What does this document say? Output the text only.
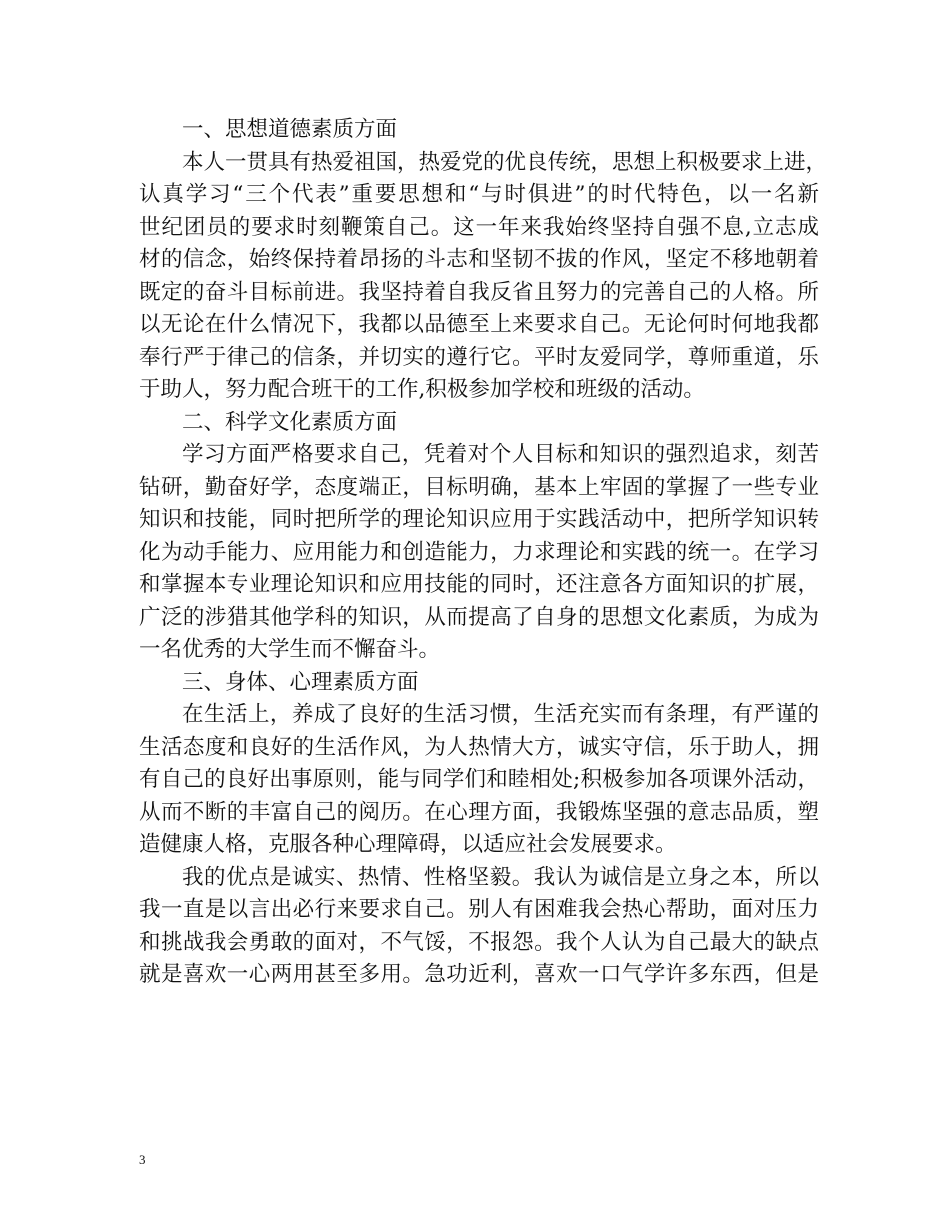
一、思想道德素质方面
本人一贯具有热爱祖国，热爱党的优良传统，思想上积极要求上进，
认真学习“三个代表”重要思想和“与时俱进”的时代特色，以一名新
世纪团员的要求时刻鞭策自己。这一年来我始终坚持自强不息,立志成
材的信念，始终保持着昂扬的斗志和坚韧不拔的作风，坚定不移地朝着
既定的奋斗目标前进。我坚持着自我反省且努力的完善自己的人格。所
以无论在什么情况下，我都以品德至上来要求自己。无论何时何地我都
奉行严于律己的信条，并切实的遵行它。平时友爱同学，尊师重道，乐
于助人，努力配合班干的工作,积极参加学校和班级的活动。
二、科学文化素质方面
学习方面严格要求自己，凭着对个人目标和知识的强烈追求，刻苦
钻研，勤奋好学，态度端正，目标明确，基本上牢固的掌握了一些专业
知识和技能，同时把所学的理论知识应用于实践活动中，把所学知识转
化为动手能力、应用能力和创造能力，力求理论和实践的统一。在学习
和掌握本专业理论知识和应用技能的同时，还注意各方面知识的扩展，
广泛的涉猎其他学科的知识，从而提高了自身的思想文化素质，为成为
一名优秀的大学生而不懈奋斗。
三、身体、心理素质方面
在生活上，养成了良好的生活习惯，生活充实而有条理，有严谨的
生活态度和良好的生活作风，为人热情大方，诚实守信，乐于助人，拥
有自己的良好出事原则，能与同学们和睦相处;积极参加各项课外活动，
从而不断的丰富自己的阅历。在心理方面，我锻炼坚强的意志品质，塑
造健康人格，克服各种心理障碍，以适应社会发展要求。
我的优点是诚实、热情、性格坚毅。我认为诚信是立身之本，所以
我一直是以言出必行来要求自己。别人有困难我会热心帮助，面对压力
和挑战我会勇敢的面对，不气馁，不报怨。我个人认为自己最大的缺点
就是喜欢一心两用甚至多用。急功近利，喜欢一口气学许多东西，但是
3
